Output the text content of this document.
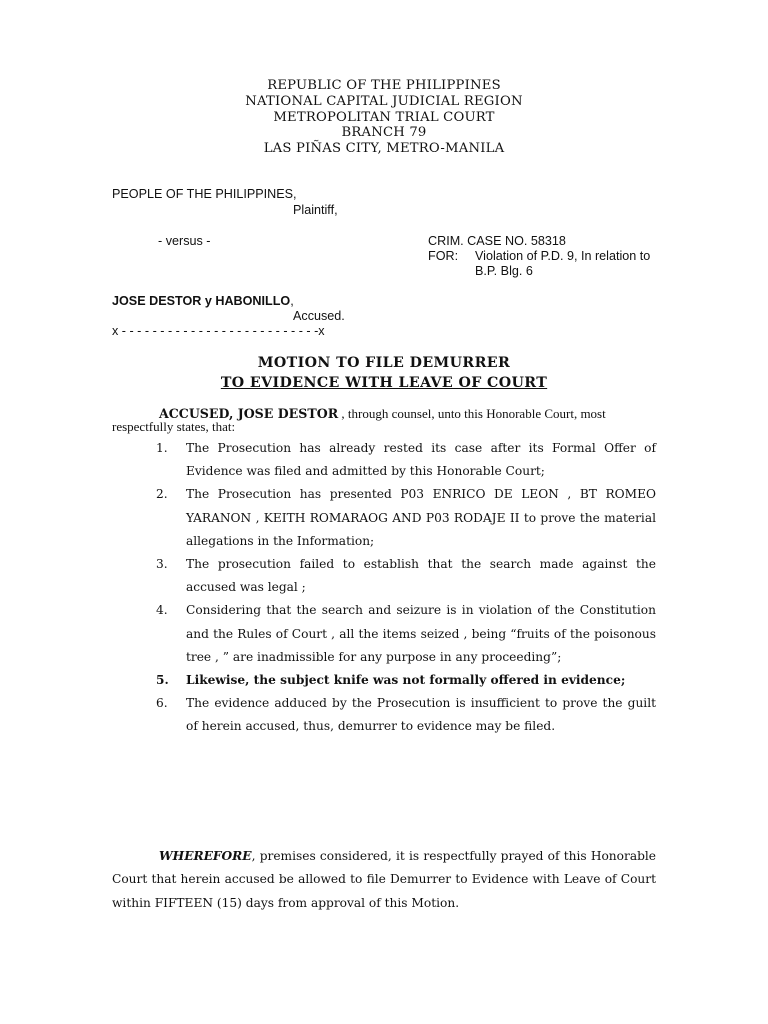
REPUBLIC OF THE PHILIPPINES
NATIONAL CAPITAL JUDICIAL REGION
METROPOLITAN TRIAL COURT
BRANCH 79
LAS PIÑAS CITY, METRO-MANILA
PEOPLE OF THE PHILIPPINES,
Plaintiff,
- versus -	CRIM. CASE NO. 58318
FOR: Violation of P.D. 9, In relation to
B.P. Blg. 6
JOSE DESTOR y HABONILLO,
Accused.
x - - - - - - - - - - - - - - - - - - - - - - - - - -x
MOTION TO FILE DEMURRER
TO EVIDENCE WITH LEAVE OF COURT
ACCUSED, JOSE DESTOR , through counsel, unto this Honorable Court, most
respectfully states, that:
1.	The Prosecution has already rested its case after its Formal Offer of Evidence was filed and admitted by this Honorable Court;
2.	The Prosecution has presented P03 ENRICO DE LEON , BT ROMEO YARANON , KEITH ROMARAOG AND P03 RODAJE II to prove the material allegations in the Information;
3.	The prosecution failed to establish that the search made against the accused was legal ;
4.	Considering that the search and seizure is in violation of the Constitution and the Rules of Court , all the items seized , being “fruits of the poisonous tree , ” are inadmissible for any purpose in any proceeding”;
5.	Likewise, the subject knife was not formally offered in evidence;
6.	The evidence adduced by the Prosecution is insufficient to prove the guilt of herein accused, thus, demurrer to evidence may be filed.
WHEREFORE, premises considered, it is respectfully prayed of this Honorable Court that herein accused be allowed to file Demurrer to Evidence with Leave of Court within FIFTEEN (15) days from approval of this Motion.
